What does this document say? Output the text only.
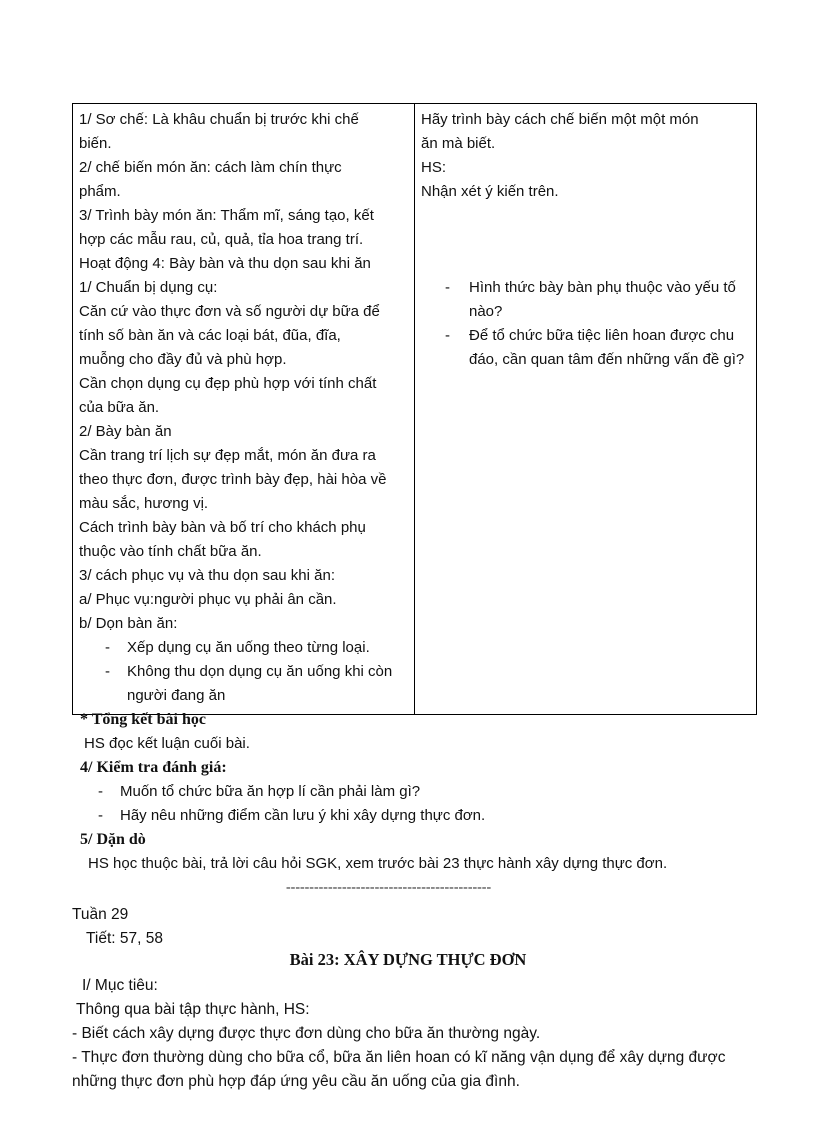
1/ Sơ chế: Là khâu chuẩn bị trước khi chế
biến.
2/ chế biến món ăn: cách làm chín thực
phẩm.
3/ Trình bày món ăn: Thẩm mĩ, sáng tạo, kết
hợp các mẫu rau, củ, quả, tỉa hoa trang trí.
Hoạt động 4: Bày bàn và thu dọn sau khi ăn
1/ Chuẩn bị dụng cụ:
Căn cứ vào thực đơn và số người dự bữa để
tính số bàn ăn và các loại bát, đũa, đĩa,
muỗng cho đầy đủ và phù hợp.
Cần chọn dụng cụ đẹp phù hợp với tính chất
của bữa ăn.
2/ Bày bàn ăn
Cần trang trí lịch sự đẹp mắt, món ăn đưa ra
theo thực đơn, được trình bày đẹp, hài hòa về
màu sắc, hương vị.
Cách trình bày bàn và bố trí cho khách phụ
thuộc vào tính chất bữa ăn.
3/ cách phục vụ và thu dọn sau khi ăn:
a/ Phục vụ:người phục vụ phải ân cần.
b/ Dọn bàn ăn:
- Xếp dụng cụ ăn uống theo từng loại.
- Không thu dọn dụng cụ ăn uống khi còn người đang ăn

Hãy trình bày cách chế biến một một món
ăn mà biết.
HS:
Nhận xét ý kiến trên.
- Hình thức bày bàn phụ thuộc vào yếu tố nào?
- Để tổ chức bữa tiệc liên hoan được chu đáo, cần quan tâm đến những vấn đề gì?
* Tổng kết bài học
HS đọc kết luận cuối bài.
4/ Kiểm tra đánh giá:
- Muốn tổ chức bữa ăn hợp lí cần phải làm gì?
- Hãy nêu những điểm cần lưu ý khi xây dựng thực đơn.
5/ Dặn dò
HS học thuộc bài, trả lời câu hỏi SGK, xem trước bài 23 thực hành xây dựng thực đơn.
--------------------------------------------
Tuần 29
Tiết: 57, 58
Bài 23: XÂY DỰNG THỰC ĐƠN
I/ Mục tiêu:
Thông qua bài tập thực hành, HS:
- Biết cách xây dựng được thực đơn dùng cho bữa ăn thường ngày.
- Thực đơn thường dùng cho bữa cổ, bữa ăn liên hoan có kĩ năng vận dụng để xây dựng được
những thực đơn phù hợp đáp ứng yêu cầu ăn uống của gia đình.
